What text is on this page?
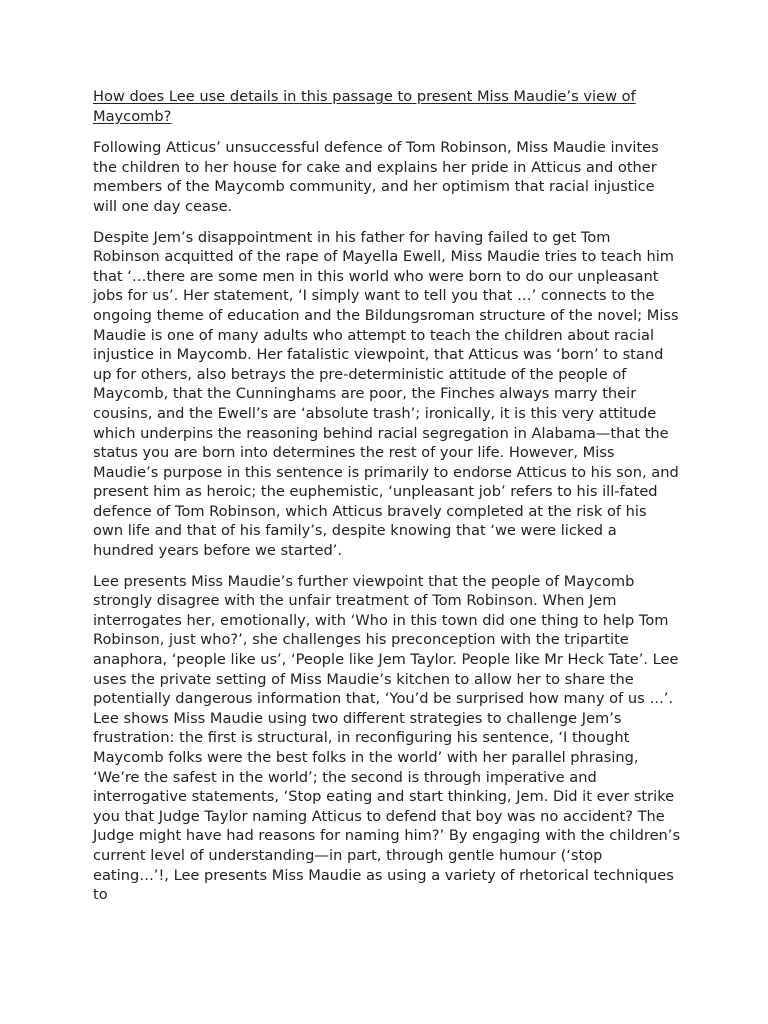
How does Lee use details in this passage to present Miss Maudie’s view of Maycomb?

Following Atticus’ unsuccessful defence of Tom Robinson, Miss Maudie invites the children to her house for cake and explains her pride in Atticus and other members of the Maycomb community, and her optimism that racial injustice will one day cease.

Despite Jem’s disappointment in his father for having failed to get Tom Robinson acquitted of the rape of Mayella Ewell, Miss Maudie tries to teach him that ‘…there are some men in this world who were born to do our unpleasant jobs for us’. Her statement, ‘I simply want to tell you that …’ connects to the ongoing theme of education and the Bildungsroman structure of the novel; Miss Maudie is one of many adults who attempt to teach the children about racial injustice in Maycomb. Her fatalistic viewpoint, that Atticus was ‘born’ to stand up for others, also betrays the pre-deterministic attitude of the people of Maycomb, that the Cunninghams are poor, the Finches always marry their cousins, and the Ewell’s are ‘absolute trash’; ironically, it is this very attitude which underpins the reasoning behind racial segregation in Alabama—that the status you are born into determines the rest of your life. However, Miss Maudie’s purpose in this sentence is primarily to endorse Atticus to his son, and present him as heroic; the euphemistic, ‘unpleasant job’ refers to his ill-fated defence of Tom Robinson, which Atticus bravely completed at the risk of his own life and that of his family’s, despite knowing that ‘we were licked a hundred years before we started’.

Lee presents Miss Maudie’s further viewpoint that the people of Maycomb strongly disagree with the unfair treatment of Tom Robinson. When Jem interrogates her, emotionally, with ‘Who in this town did one thing to help Tom Robinson, just who?’, she challenges his preconception with the tripartite anaphora, ‘people like us’, ‘People like Jem Taylor. People like Mr Heck Tate’. Lee uses the private setting of Miss Maudie’s kitchen to allow her to share the potentially dangerous information that, ‘You’d be surprised how many of us …’. Lee shows Miss Maudie using two different strategies to challenge Jem’s frustration: the first is structural, in reconfiguring his sentence, ‘I thought Maycomb folks were the best folks in the world’ with her parallel phrasing, ‘We’re the safest in the world’; the second is through imperative and interrogative statements, ‘Stop eating and start thinking, Jem. Did it ever strike you that Judge Taylor naming Atticus to defend that boy was no accident? The Judge might have had reasons for naming him?’ By engaging with the children’s current level of understanding—in part, through gentle humour (‘stop eating…’!, Lee presents Miss Maudie as using a variety of rhetorical techniques to
